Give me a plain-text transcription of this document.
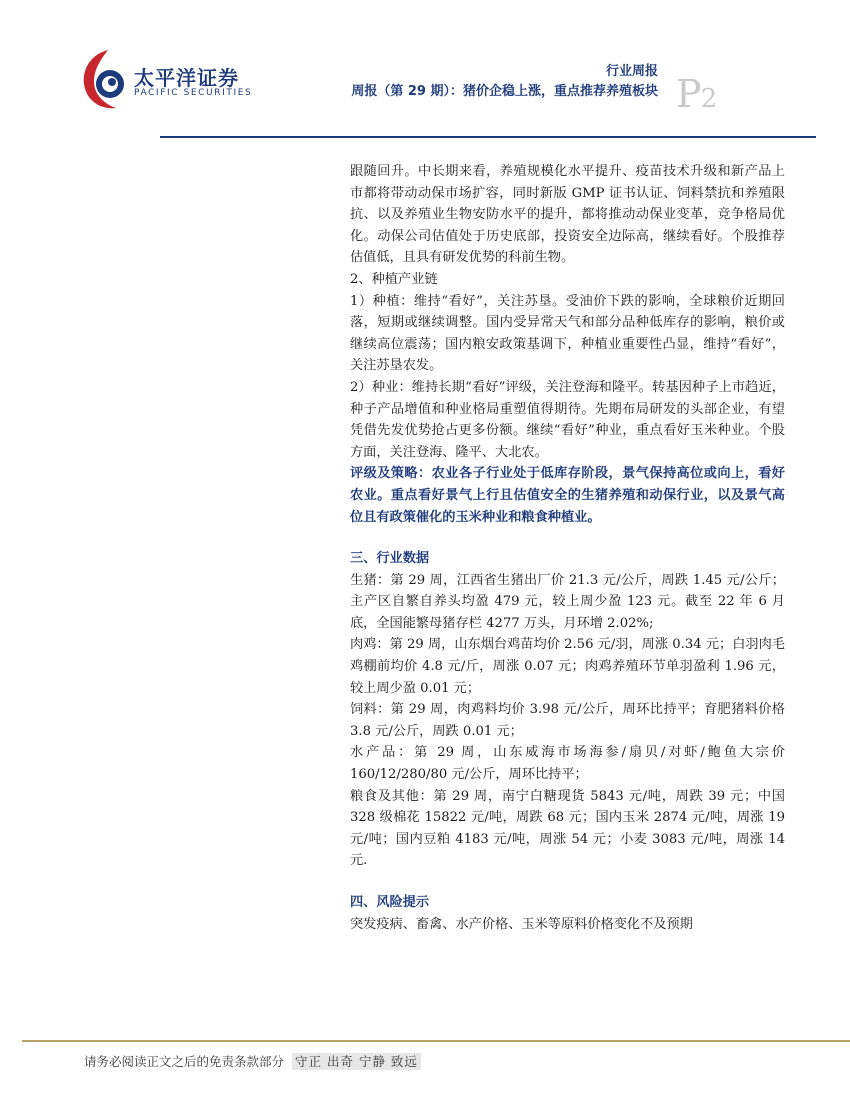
太平洋证券
PACIFIC SECURITIES
行业周报
周报（第 29 期）：猪价企稳上涨，重点推荐养殖板块 P2

跟随回升。中长期来看，养殖规模化水平提升、疫苗技术升级和新产品上市都将带动动保市场扩容，同时新版 GMP 证书认证、饲料禁抗和养殖限抗、以及养殖业生物安防水平的提升，都将推动动保业变革，竞争格局优化。动保公司估值处于历史底部，投资安全边际高，继续看好。个股推荐估值低，且具有研发优势的科前生物。

2、种植产业链

1）种植：维持“看好”，关注苏垦。受油价下跌的影响，全球粮价近期回落，短期或继续调整。国内受异常天气和部分品种低库存的影响，粮价或继续高位震荡；国内粮安政策基调下，种植业重要性凸显，维持“看好”，关注苏垦农发。

2）种业：维持长期“看好”评级，关注登海和隆平。转基因种子上市趋近，种子产品增值和种业格局重塑值得期待。先期布局研发的头部企业，有望凭借先发优势抢占更多份额。继续“看好”种业，重点看好玉米种业。个股方面，关注登海、隆平、大北农。

评级及策略：农业各子行业处于低库存阶段，景气保持高位或向上，看好农业。重点看好景气上行且估值安全的生猪养殖和动保行业，以及景气高位且有政策催化的玉米种业和粮食种植业。

三、行业数据

生猪：第 29 周，江西省生猪出厂价 21.3 元/公斤，周跌 1.45 元/公斤；主产区自繁自养头均盈 479 元，较上周少盈 123 元。截至 22 年 6 月底，全国能繁母猪存栏 4277 万头，月环增 2.02%;

肉鸡：第 29 周，山东烟台鸡苗均价 2.56 元/羽，周涨 0.34 元；白羽肉毛鸡棚前均价 4.8 元/斤，周涨 0.07 元；肉鸡养殖环节单羽盈利 1.96 元，较上周少盈 0.01 元；

饲料：第 29 周，肉鸡料均价 3.98 元/公斤，周环比持平；育肥猪料价格 3.8 元/公斤，周跌 0.01 元；

水产品：第 29 周，山东威海市场海参/扇贝/对虾/鲍鱼大宗价 160/12/280/80 元/公斤，周环比持平；

粮食及其他：第 29 周，南宁白糖现货 5843 元/吨，周跌 39 元；中国 328 级棉花 15822 元/吨，周跌 68 元；国内玉米 2874 元/吨，周涨 19 元/吨；国内豆粕 4183 元/吨，周涨 54 元；小麦 3083 元/吨，周涨 14 元.

四、风险提示

突发疫病、畜禽、水产价格、玉米等原料价格变化不及预期

请务必阅读正文之后的免责条款部分 守正 出奇 宁静 致远
